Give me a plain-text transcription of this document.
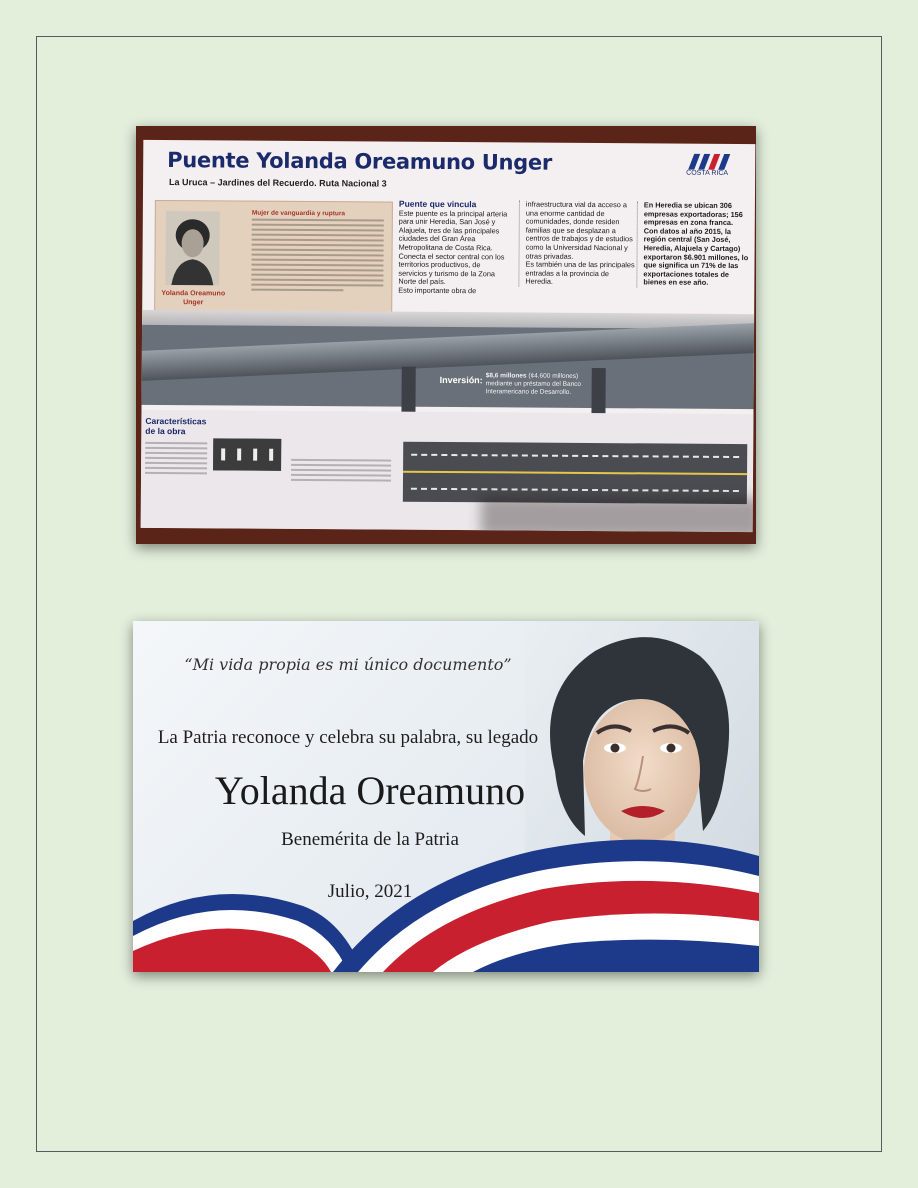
Puente Yolanda Oreamuno Unger
La Uruca – Jardines del Recuerdo. Ruta Nacional 3
COSTA RICA
Yolanda Oreamuno Unger
Mujer de vanguardia y ruptura
Puente que vincula

Este puente es la principal arteria para unir Heredia, San José y Alajuela, tres de las principales ciudades del Gran Área Metropolitana de Costa Rica.

Conecta el sector central con los territorios productivos, de servicios y turismo de la Zona Norte del país.

Esto importante obra de

infraestructura vial da acceso a una enorme cantidad de comunidades, donde residen familias que se desplazan a centros de trabajos y de estudios como la Universidad Nacional y otras privadas.

Es también una de las principales entradas a la provincia de Heredia.

En Heredia se ubican 306 empresas exportadoras; 156 empresas en zona franca.

Con datos al año 2015, la región central (San José, Heredia, Alajuela y Cartago) exportaron $6.901 millones, lo que significa un 71% de las exportaciones totales de bienes en ese año.

Inversión: $8,6 millones (¢4.600 millones) mediante un préstamo del Banco Interamericano de Desarrollo.
Características de la obra
“Mi vida propia es mi único documento”
La Patria reconoce y celebra su palabra, su legado
Yolanda Oreamuno
Benemérita de la Patria
Julio, 2021
